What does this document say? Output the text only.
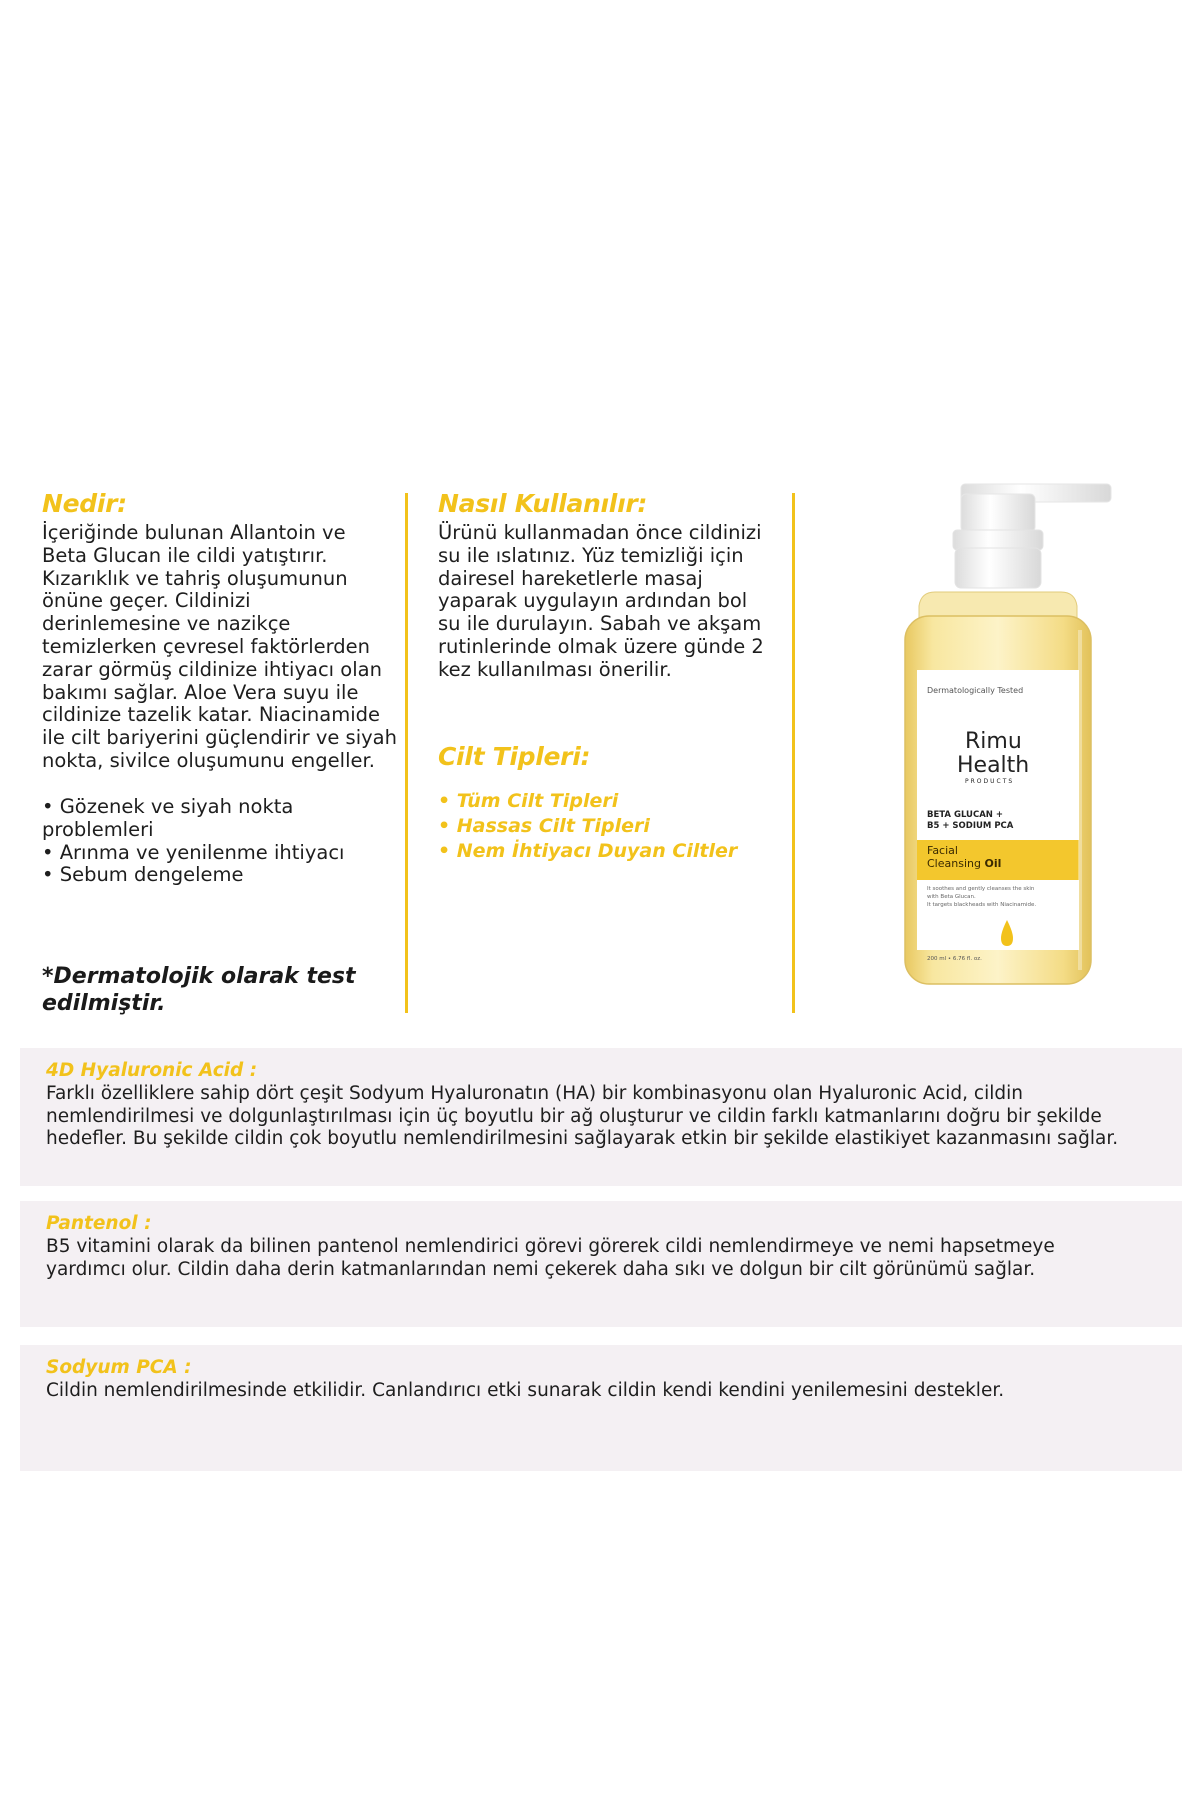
Nedir:

İçeriğinde bulunan Allantoin ve

Beta Glucan ile cildi yatıştırır.

Kızarıklık ve tahriş oluşumunun

önüne geçer. Cildinizi

derinlemesine ve nazikçe

temizlerken çevresel faktörlerden

zarar görmüş cildinize ihtiyacı olan

bakımı sağlar. Aloe Vera suyu ile

cildinize tazelik katar. Niacinamide

ile cilt bariyerini güçlendirir ve siyah

nokta, sivilce oluşumunu engeller.

• Gözenek ve siyah nokta
problemleri
• Arınma ve yenilenme ihtiyacı
• Sebum dengeleme
*Dermatolojik olarak test
edilmiştir.
Nasıl Kullanılır:

Ürünü kullanmadan önce cildinizi

su ile ıslatınız. Yüz temizliği için

dairesel hareketlerle masaj

yaparak uygulayın ardından bol

su ile durulayın. Sabah ve akşam

rutinlerinde olmak üzere günde 2

kez kullanılması önerilir.

Cilt Tipleri:
• Tüm Cilt Tipleri
• Hassas Cilt Tipleri
• Nem İhtiyacı Duyan Ciltler
Dermatologically Tested
Rimu
Health
PRODUCTS
BETA GLUCAN +
B5 + SODIUM PCA
Facial
Cleansing Oil
It soothes and gently cleanses the skin
with Beta Glucan.
It targets blackheads with Niacinamide.
200 ml • 6.76 fl. oz.
4D Hyaluronic Acid :
Farklı özelliklere sahip dört çeşit Sodyum Hyaluronatın (HA) bir kombinasyonu olan Hyaluronic Acid, cildin
nemlendirilmesi ve dolgunlaştırılması için üç boyutlu bir ağ oluşturur ve cildin farklı katmanlarını doğru bir şekilde
hedefler. Bu şekilde cildin çok boyutlu nemlendirilmesini sağlayarak etkin bir şekilde elastikiyet kazanmasını sağlar.
Pantenol :
B5 vitamini olarak da bilinen pantenol nemlendirici görevi görerek cildi nemlendirmeye ve nemi hapsetmeye
yardımcı olur. Cildin daha derin katmanlarından nemi çekerek daha sıkı ve dolgun bir cilt görünümü sağlar.
Sodyum PCA :
Cildin nemlendirilmesinde etkilidir. Canlandırıcı etki sunarak cildin kendi kendini yenilemesini destekler.
